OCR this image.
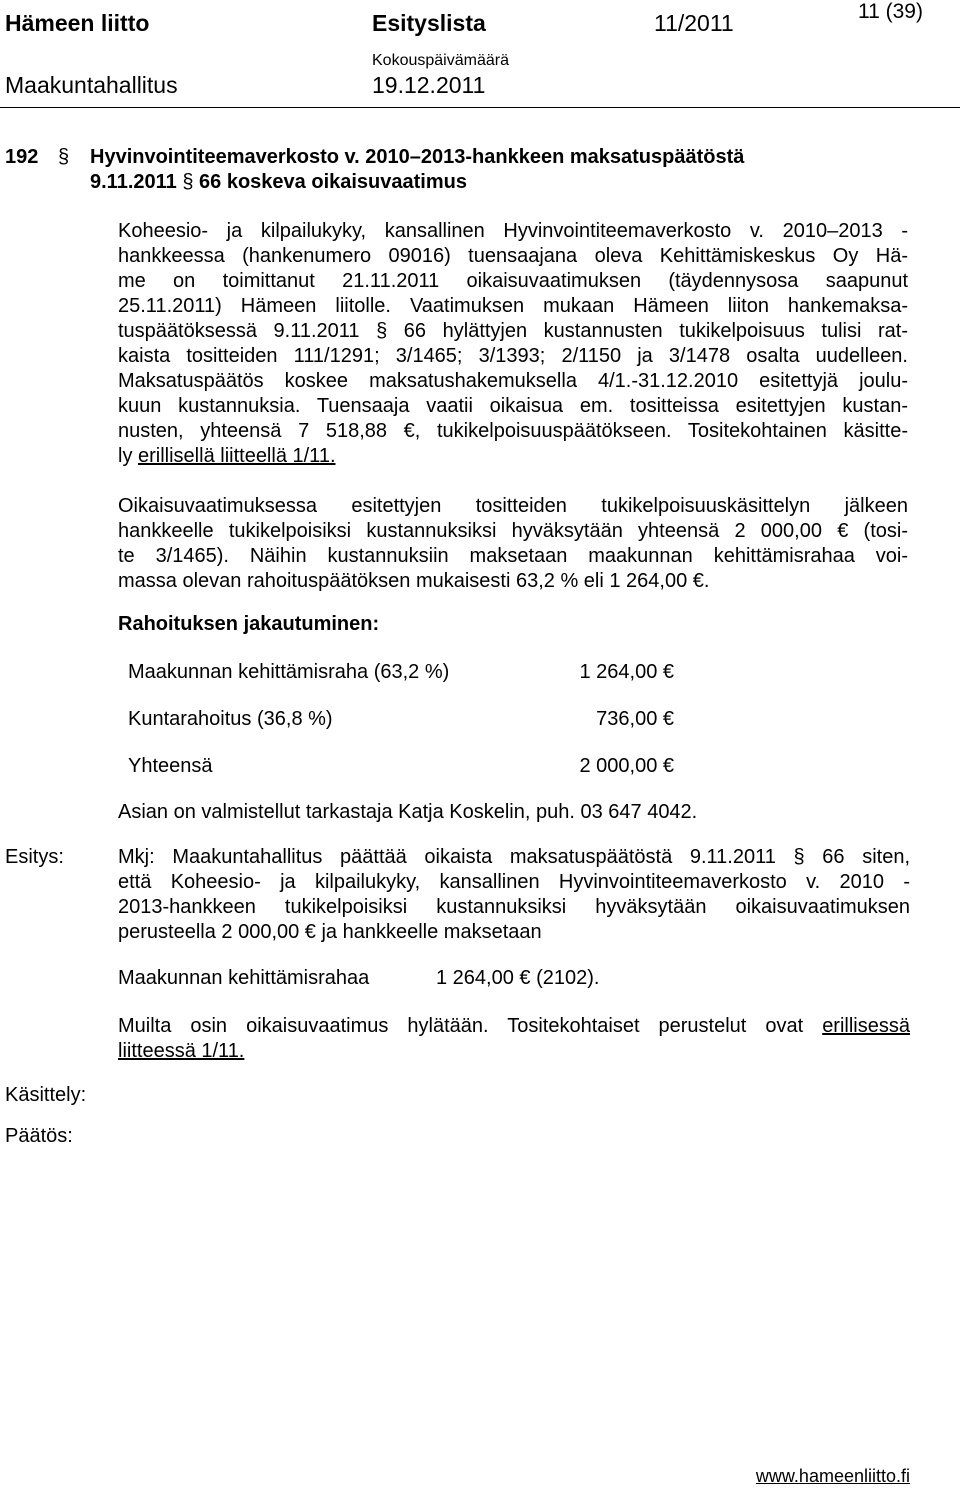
Hämeen liitto	Esityslista	11/2011	11 (39)
Kokouspäivämäärä
Maakuntahallitus	19.12.2011
192 § Hyvinvointiteemaverkosto v. 2010–2013-hankkeen maksatuspäätöstä
9.11.2011 § 66 koskeva oikaisuvaatimus
Koheesio- ja kilpailukyky, kansallinen Hyvinvointiteemaverkosto v. 2010–2013 -
hankkeessa (hankenumero 09016) tuensaajana oleva Kehittämiskeskus Oy Hä-
me on toimittanut 21.11.2011 oikaisuvaatimuksen (täydennysosa saapunut
25.11.2011) Hämeen liitolle. Vaatimuksen mukaan Hämeen liiton hankemaksa-
tuspäätöksessä 9.11.2011 § 66 hylättyjen kustannusten tukikelpoisuus tulisi rat-
kaista tositteiden 111/1291; 3/1465; 3/1393; 2/1150 ja 3/1478 osalta uudelleen.
Maksatuspäätös koskee maksatushakemuksella 4/1.-31.12.2010 esitettyjä joulu-
kuun kustannuksia. Tuensaaja vaatii oikaisua em. tositteissa esitettyjen kustan-
nusten, yhteensä 7 518,88 €, tukikelpoisuuspäätökseen. Tositekohtainen käsitte-
ly erillisellä liitteellä 1/11.
Oikaisuvaatimuksessa esitettyjen tositteiden tukikelpoisuuskäsittelyn jälkeen
hankkeelle tukikelpoisiksi kustannuksiksi hyväksytään yhteensä 2 000,00 € (tosi-
te 3/1465). Näihin kustannuksiin maksetaan maakunnan kehittämisrahaa voi-
massa olevan rahoituspäätöksen mukaisesti 63,2 % eli 1 264,00 €.
Rahoituksen jakautuminen:
Maakunnan kehittämisraha (63,2 %)	1 264,00 €
Kuntarahoitus (36,8 %)	736,00 €
Yhteensä	2 000,00 €
Asian on valmistellut tarkastaja Katja Koskelin, puh. 03 647 4042.
Esitys:	Mkj: Maakuntahallitus päättää oikaista maksatuspäätöstä 9.11.2011 § 66 siten,
että Koheesio- ja kilpailukyky, kansallinen Hyvinvointiteemaverkosto v. 2010 -
2013-hankkeen tukikelpoisiksi kustannuksiksi hyväksytään oikaisuvaatimuksen
perusteella 2 000,00 € ja hankkeelle maksetaan
Maakunnan kehittämisrahaa	1 264,00 € (2102).
Muilta osin oikaisuvaatimus hylätään. Tositekohtaiset perustelut ovat erillisessä
liitteessä 1/11.
Käsittely:
Päätös:
www.hameenliitto.fi
